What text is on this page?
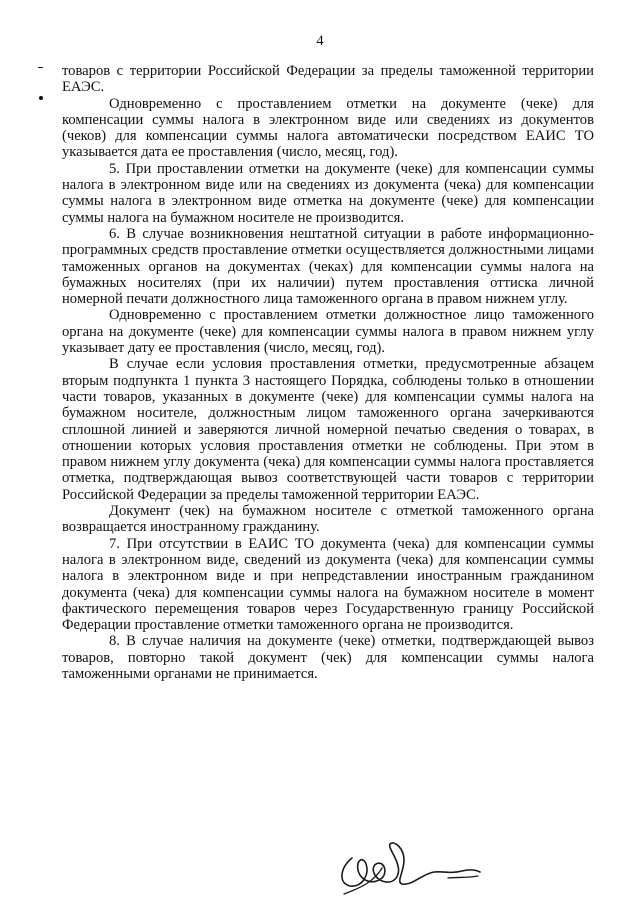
4

товаров с территории Российской Федерации за пределы таможенной территории ЕАЭС.

Одновременно с проставлением отметки на документе (чеке) для компенсации суммы налога в электронном виде или сведениях из документов (чеков) для компенсации суммы налога автоматически посредством ЕАИС ТО указывается дата ее проставления (число, месяц, год).

5. При проставлении отметки на документе (чеке) для компенсации суммы налога в электронном виде или на сведениях из документа (чека) для компенсации суммы налога в электронном виде отметка на документе (чеке) для компенсации суммы налога на бумажном носителе не производится.

6. В случае возникновения нештатной ситуации в работе информационно-программных средств проставление отметки осуществляется должностными лицами таможенных органов на документах (чеках) для компенсации суммы налога на бумажных носителях (при их наличии) путем проставления оттиска личной номерной печати должностного лица таможенного органа в правом нижнем углу.

Одновременно с проставлением отметки должностное лицо таможенного органа на документе (чеке) для компенсации суммы налога в правом нижнем углу указывает дату ее проставления (число, месяц, год).

В случае если условия проставления отметки, предусмотренные абзацем вторым подпункта 1 пункта 3 настоящего Порядка, соблюдены только в отношении части товаров, указанных в документе (чеке) для компенсации суммы налога на бумажном носителе, должностным лицом таможенного органа зачеркиваются сплошной линией и заверяются личной номерной печатью сведения о товарах, в отношении которых условия проставления отметки не соблюдены. При этом в правом нижнем углу документа (чека) для компенсации суммы налога проставляется отметка, подтверждающая вывоз соответствующей части товаров с территории Российской Федерации за пределы таможенной территории ЕАЭС.

Документ (чек) на бумажном носителе с отметкой таможенного органа возвращается иностранному гражданину.

7. При отсутствии в ЕАИС ТО документа (чека) для компенсации суммы налога в электронном виде, сведений из документа (чека) для компенсации суммы налога в электронном виде и при непредставлении иностранным гражданином документа (чека) для компенсации суммы налога на бумажном носителе в момент фактического перемещения товаров через Государственную границу Российской Федерации проставление отметки таможенного органа не производится.

8. В случае наличия на документе (чеке) отметки, подтверждающей вывоз товаров, повторно такой документ (чек) для компенсации суммы налога таможенными органами не принимается.
